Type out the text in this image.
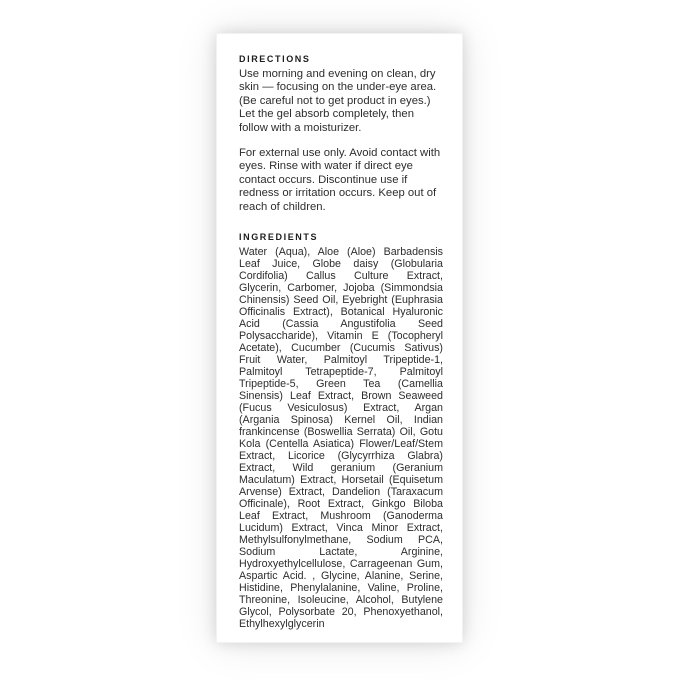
DIRECTIONS

Use morning and evening on clean, dry skin — focusing on the under-eye area. (Be careful not to get product in eyes.) Let the gel absorb completely, then follow with a moisturizer.

For external use only. Avoid contact with eyes. Rinse with water if direct eye contact occurs. Discontinue use if redness or irritation occurs. Keep out of reach of children.

INGREDIENTS

Water (Aqua), Aloe (Aloe) Barbadensis Leaf Juice, Globe daisy (Globularia Cordifolia) Callus Culture Extract, Glycerin, Carbomer, Jojoba (Simmondsia Chinensis) Seed Oil, Eyebright (Euphrasia Officinalis Extract), Botanical Hyaluronic Acid (Cassia Angustifolia Seed Polysaccharide), Vitamin E (Tocopheryl Acetate), Cucumber (Cucumis Sativus) Fruit Water, Palmitoyl Tripeptide-1, Palmitoyl Tetrapeptide-7, Palmitoyl Tripeptide-5, Green Tea (Camellia Sinensis) Leaf Extract, Brown Seaweed (Fucus Vesiculosus) Extract, Argan (Argania Spinosa) Kernel Oil, Indian frankincense (Boswellia Serrata) Oil, Gotu Kola (Centella Asiatica) Flower/Leaf/Stem Extract, Licorice (Glycyrrhiza Glabra) Extract, Wild geranium (Geranium Maculatum) Extract, Horsetail (Equisetum Arvense) Extract, Dandelion (Taraxacum Officinale), Root Extract, Ginkgo Biloba Leaf Extract, Mushroom (Ganoderma Lucidum) Extract, Vinca Minor Extract, Methylsulfonylmethane, Sodium PCA, Sodium Lactate, Arginine, Hydroxyethylcellulose, Carrageenan Gum, Aspartic Acid. , Glycine, Alanine, Serine, Histidine, Phenylalanine, Valine, Proline, Threonine, Isoleucine, Alcohol, Butylene Glycol, Polysorbate 20, Phenoxyethanol, Ethylhexylglycerin
